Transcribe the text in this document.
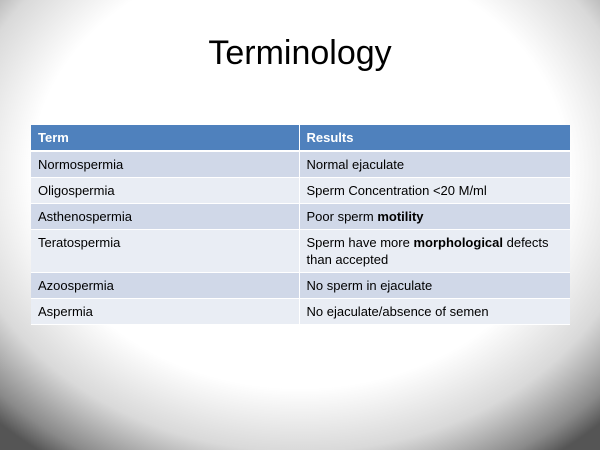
Terminology
Term	Results
Normospermia	Normal ejaculate
Oligospermia	Sperm Concentration <20 M/ml
Asthenospermia	Poor sperm motility
Teratospermia	Sperm have more morphological defects than accepted
Azoospermia	No sperm in ejaculate
Aspermia	No ejaculate/absence of semen
